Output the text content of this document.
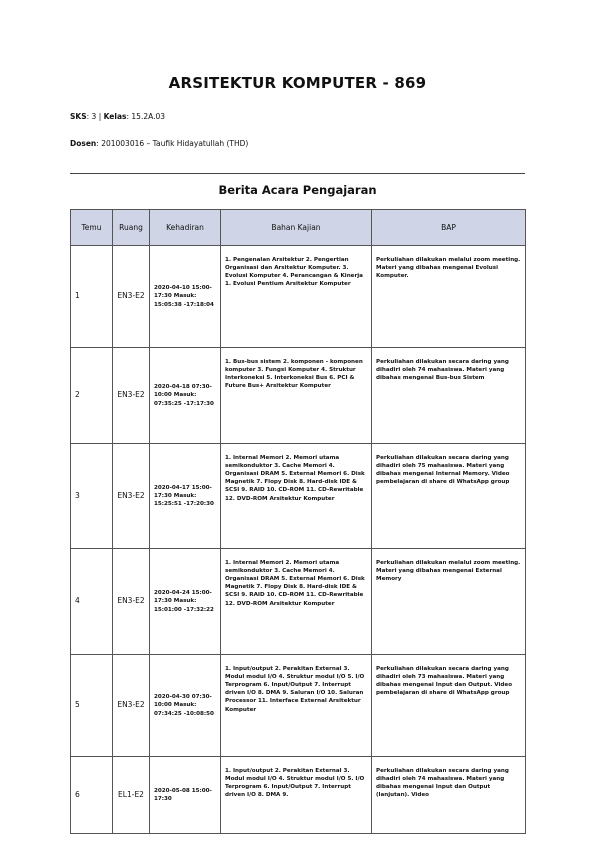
ARSITEKTUR KOMPUTER - 869
SKS: 3 | Kelas: 15.2A.03
Dosen: 201003016 – Taufik Hidayatullah (THD)
Berita Acara Pengajaran
Temu	Ruang	Kehadiran	Bahan Kajian	BAP
1	EN3-E2	2020-04-10 15:00-17:30 Masuk: 15:05:38 -17:18:04	1. Pengenalan Arsitektur 2. Pengertian Organisasi dan Arsitektur Komputer. 3. Evolusi Komputer 4. Perancangan & Kinerja 1. Evolusi Pentium Arsitektur Komputer	Perkuliahan dilakukan melalui zoom meeting. Materi yang dibahas mengenai Evolusi Komputer.
2	EN3-E2	2020-04-18 07:30-10:00 Masuk: 07:35:25 -17:17:30	1. Bus-bus sistem 2. komponen - komponen komputer 3. Fungsi Komputer 4. Struktur Interkoneksi 5. Interkoneksi Bus 6. PCI & Future Bus+ Arsitektur Komputer	Perkuliahan dilakukan secara daring yang dihadiri oleh 74 mahasiswa. Materi yang dibahas mengenai Bus-bus Sistem
3	EN3-E2	2020-04-17 15:00-17:30 Masuk: 15:25:51 -17:20:30	1. Internal Memori 2. Memori utama semikonduktor 3. Cache Memori 4. Organisasi DRAM 5. External Memori 6. Disk Magnetik 7. Flopy Disk 8. Hard-disk IDE & SCSI 9. RAID 10. CD-ROM 11. CD-Rewritable 12. DVD-ROM Arsitektur Komputer	Perkuliahan dilakukan secara daring yang dihadiri oleh 75 mahasiswa. Materi yang dibahas mengenai Internal Memory. Video pembelajaran di share di WhatsApp group
4	EN3-E2	2020-04-24 15:00-17:30 Masuk: 15:01:00 -17:32:22	1. Internal Memori 2. Memori utama semikonduktor 3. Cache Memori 4. Organisasi DRAM 5. External Memori 6. Disk Magnetik 7. Flopy Disk 8. Hard-disk IDE & SCSI 9. RAID 10. CD-ROM 11. CD-Rewritable 12. DVD-ROM Arsitektur Komputer	Perkuliahan dilakukan melalui zoom meeting. Materi yang dibahas mengenai External Memory
5	EN3-E2	2020-04-30 07:30-10:00 Masuk: 07:34:25 -10:08:50	1. Input/output 2. Perakitan External 3. Modul modul I/O 4. Struktur modul I/O 5. I/O Terprogram 6. Input/Output 7. Interrupt driven I/O 8. DMA 9. Saluran I/O 10. Saluran Processor 11. Interface External Arsitektur Komputer	Perkuliahan dilakukan secara daring yang dihadiri oleh 73 mahasiswa. Materi yang dibahas mengenai Input dan Output. Video pembelajaran di share di WhatsApp group
6	EL1-E2	2020-05-08 15:00-17:30	1. Input/output 2. Perakitan External 3. Modul modul I/O 4. Struktur modul I/O 5. I/O Terprogram 6. Input/Output 7. Interrupt driven I/O 8. DMA 9.	Perkuliahan dilakukan secara daring yang dihadiri oleh 74 mahasiswa. Materi yang dibahas mengenai Input dan Output (lanjutan). Video
